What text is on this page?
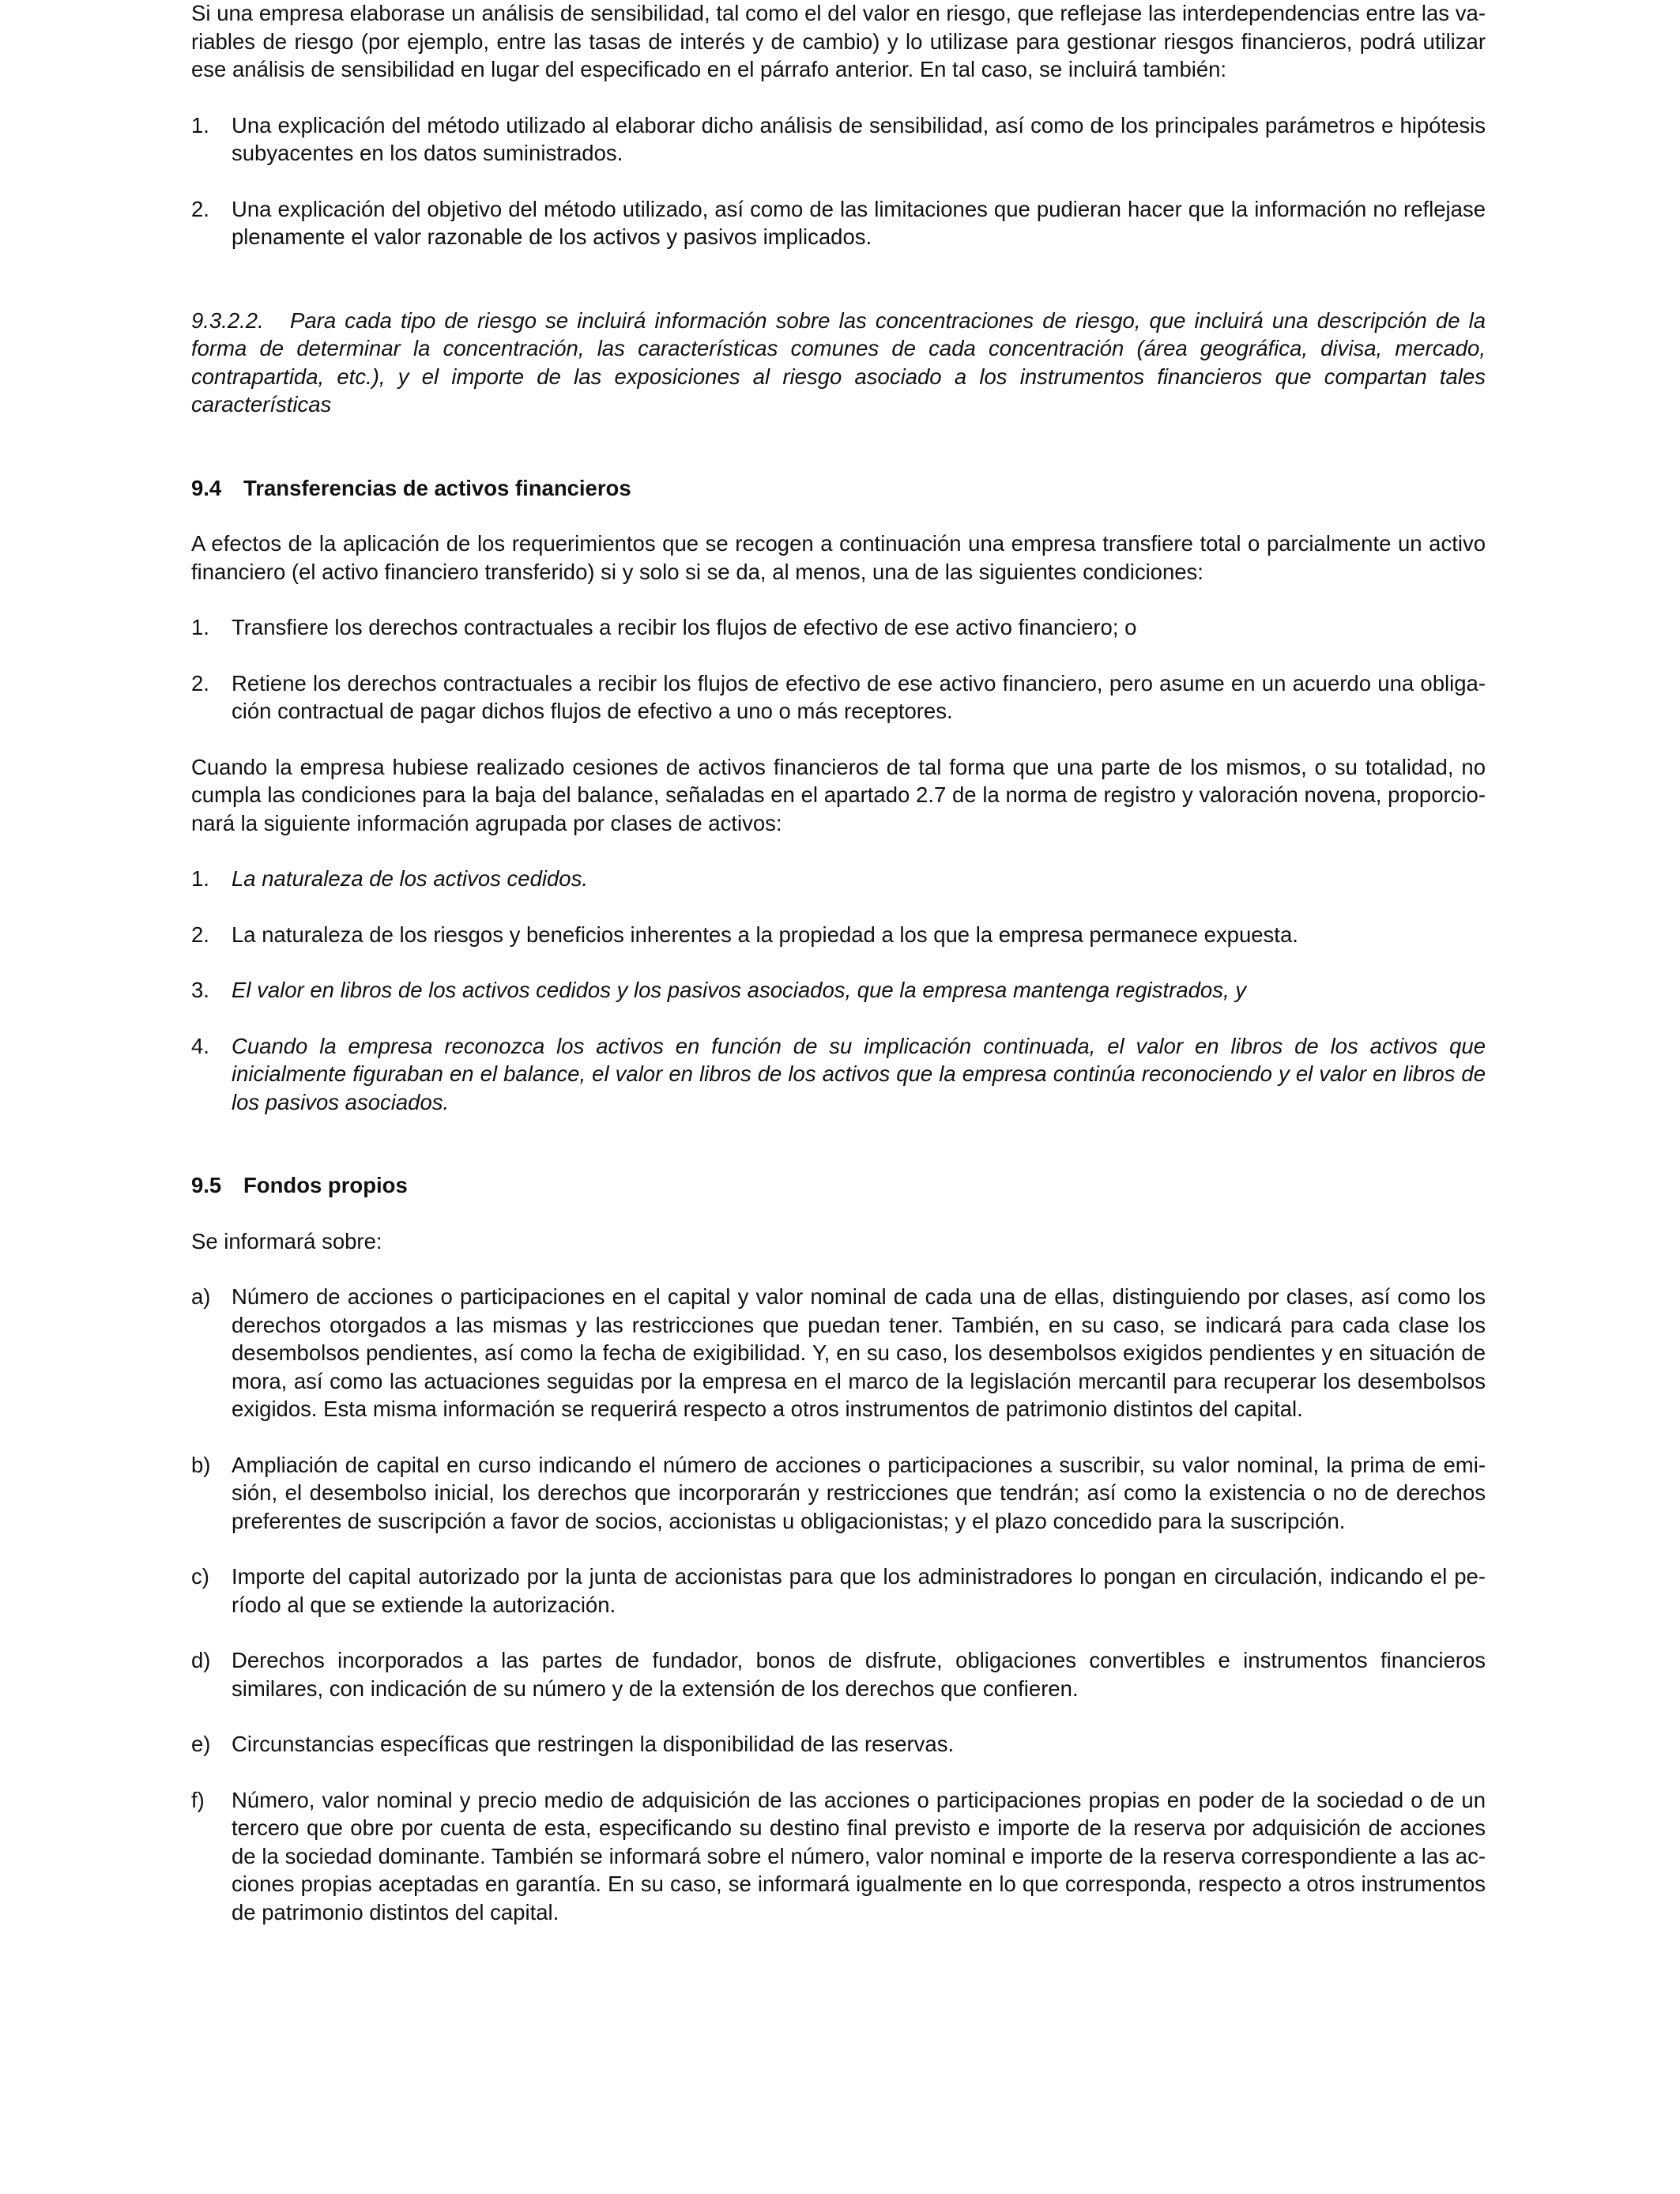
Si una empresa elaborase un análisis de sensibilidad, tal como el del valor en riesgo, que reflejase las interdependencias entre las variables de riesgo (por ejemplo, entre las tasas de interés y de cambio) y lo utilizase para gestionar riesgos financieros, podrá utilizar ese análisis de sensibilidad en lugar del especificado en el párrafo anterior. En tal caso, se incluirá también:

1. Una explicación del método utilizado al elaborar dicho análisis de sensibilidad, así como de los principales parámetros e hipótesis subyacentes en los datos suministrados.
2. Una explicación del objetivo del método utilizado, así como de las limitaciones que pudieran hacer que la información no reflejase plenamente el valor razonable de los activos y pasivos implicados.

9.3.2.2.   Para cada tipo de riesgo se incluirá información sobre las concentraciones de riesgo, que incluirá una descripción de la forma de determinar la concentración, las características comunes de cada concentración (área geográfica, divisa, mercado, contrapartida, etc.), y el importe de las exposiciones al riesgo asociado a los instrumentos financieros que compartan tales características

9.4 Transferencias de activos financieros

A efectos de la aplicación de los requerimientos que se recogen a continuación una empresa transfiere total o parcialmente un activo financiero (el activo financiero transferido) si y solo si se da, al menos, una de las siguientes condiciones:

1. Transfiere los derechos contractuales a recibir los flujos de efectivo de ese activo financiero; o
2. Retiene los derechos contractuales a recibir los flujos de efectivo de ese activo financiero, pero asume en un acuerdo una obligación contractual de pagar dichos flujos de efectivo a uno o más receptores.

Cuando la empresa hubiese realizado cesiones de activos financieros de tal forma que una parte de los mismos, o su totalidad, no cumpla las condiciones para la baja del balance, señaladas en el apartado 2.7 de la norma de registro y valoración novena, proporcionará la siguiente información agrupada por clases de activos:

1. La naturaleza de los activos cedidos.
2. La naturaleza de los riesgos y beneficios inherentes a la propiedad a los que la empresa permanece expuesta.
3. El valor en libros de los activos cedidos y los pasivos asociados, que la empresa mantenga registrados, y
4. Cuando la empresa reconozca los activos en función de su implicación continuada, el valor en libros de los activos que inicialmente figuraban en el balance, el valor en libros de los activos que la empresa continúa reconociendo y el valor en libros de los pasivos asociados.
9.5 Fondos propios

Se informará sobre:

a) Número de acciones o participaciones en el capital y valor nominal de cada una de ellas, distinguiendo por clases, así como los derechos otorgados a las mismas y las restricciones que puedan tener. También, en su caso, se indicará para cada clase los desembolsos pendientes, así como la fecha de exigibilidad. Y, en su caso, los desembolsos exigidos pendientes y en situación de mora, así como las actuaciones seguidas por la empresa en el marco de la legislación mercantil para recuperar los desembolsos exigidos. Esta misma información se requerirá respecto a otros instrumentos de patrimonio distintos del capital.
b) Ampliación de capital en curso indicando el número de acciones o participaciones a suscribir, su valor nominal, la prima de emisión, el desembolso inicial, los derechos que incorporarán y restricciones que tendrán; así como la existencia o no de derechos preferentes de suscripción a favor de socios, accionistas u obligacionistas; y el plazo concedido para la suscripción.
c) Importe del capital autorizado por la junta de accionistas para que los administradores lo pongan en circulación, indicando el período al que se extiende la autorización.
d) Derechos incorporados a las partes de fundador, bonos de disfrute, obligaciones convertibles e instrumentos financieros similares, con indicación de su número y de la extensión de los derechos que confieren.
e) Circunstancias específicas que restringen la disponibilidad de las reservas.
f) Número, valor nominal y precio medio de adquisición de las acciones o participaciones propias en poder de la sociedad o de un tercero que obre por cuenta de esta, especificando su destino final previsto e importe de la reserva por adquisición de acciones de la sociedad dominante. También se informará sobre el número, valor nominal e importe de la reserva correspondiente a las acciones propias aceptadas en garantía. En su caso, se informará igualmente en lo que corresponda, respecto a otros instrumentos de patrimonio distintos del capital.
